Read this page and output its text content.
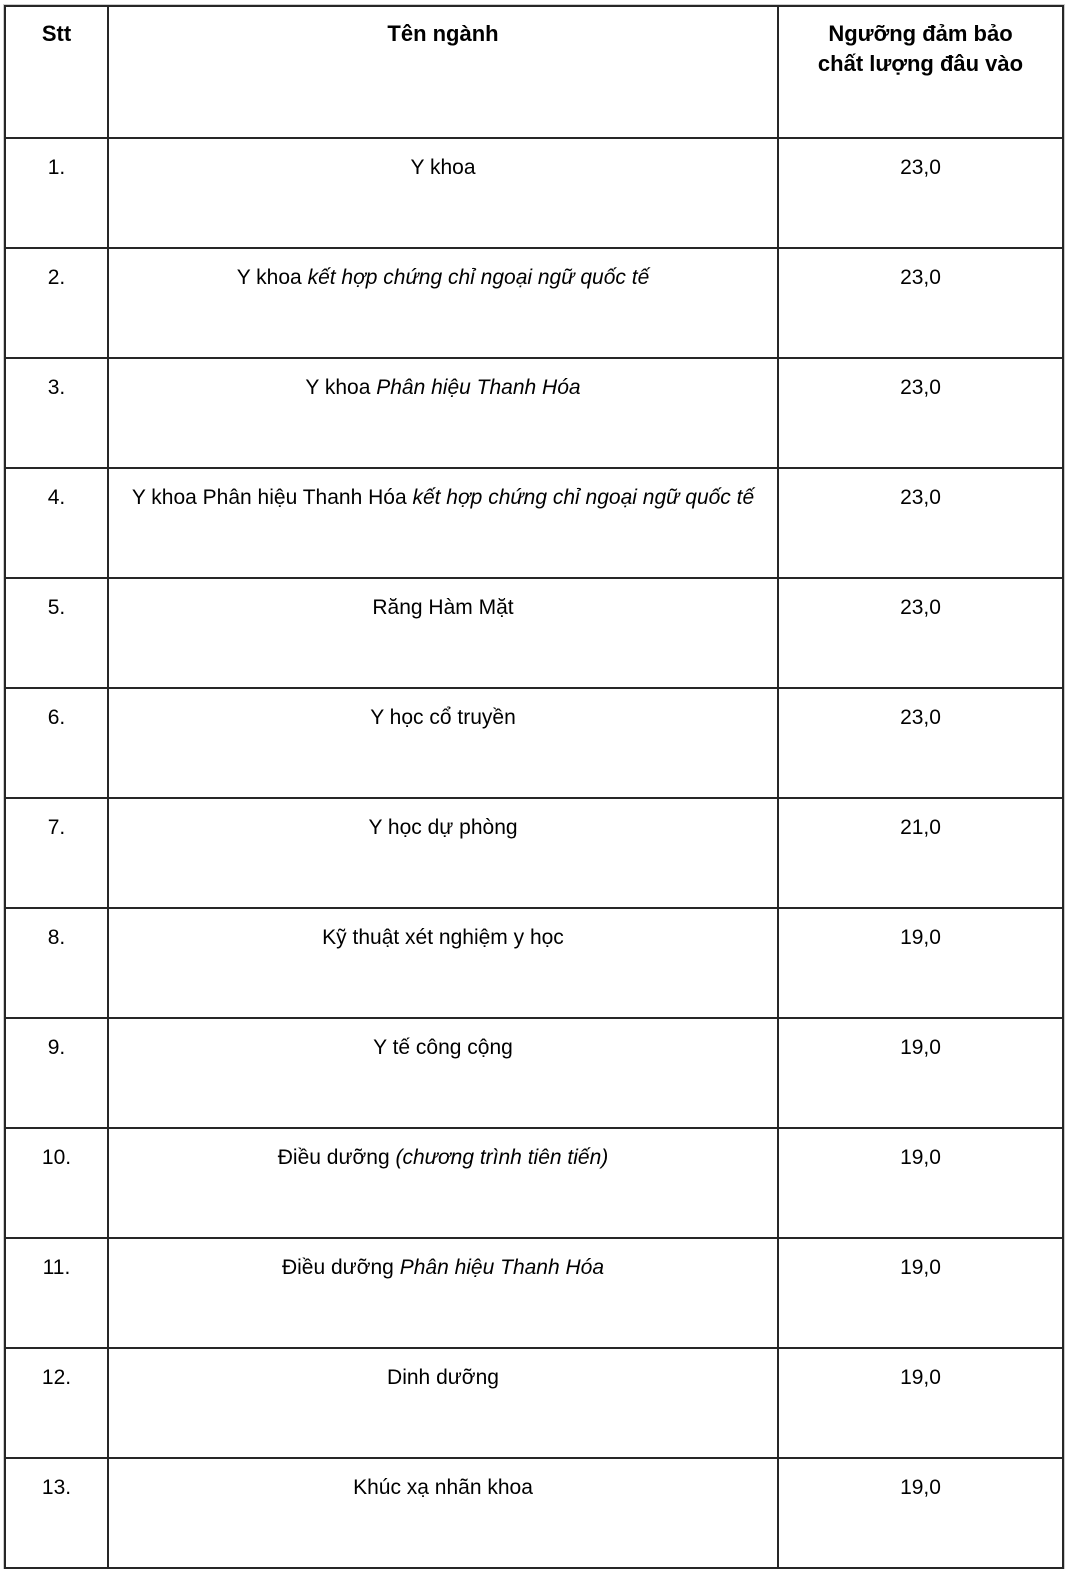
Stt	Tên ngành	Ngưỡng đảm bảo
chất lượng đâu vào
1.	Y khoa	23,0
2.	Y khoa kết hợp chứng chỉ ngoại ngữ quốc tế	23,0
3.	Y khoa Phân hiệu Thanh Hóa	23,0
4.	Y khoa Phân hiệu Thanh Hóa kết hợp chứng chỉ ngoại ngữ quốc tế	23,0
5.	Răng Hàm Mặt	23,0
6.	Y học cổ truyền	23,0
7.	Y học dự phòng	21,0
8.	Kỹ thuật xét nghiệm y học	19,0
9.	Y tế công cộng	19,0
10.	Điều dưỡng (chương trình tiên tiến)	19,0
11.	Điều dưỡng Phân hiệu Thanh Hóa	19,0
12.	Dinh dưỡng	19,0
13.	Khúc xạ nhãn khoa	19,0
